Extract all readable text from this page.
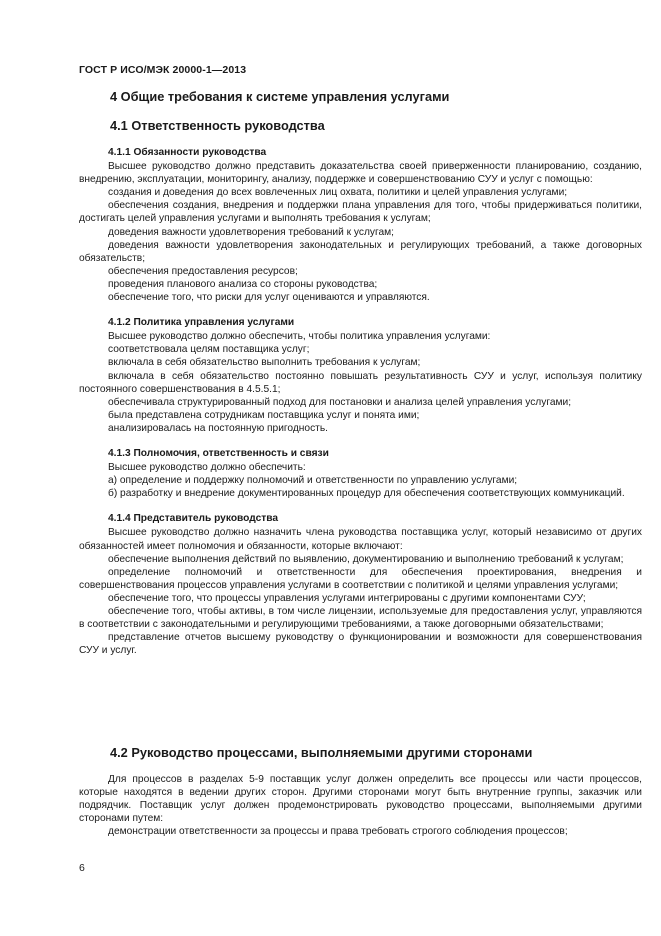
ГОСТ Р ИСО/МЭК 20000-1—2013
4 Общие требования к системе управления услугами
4.1 Ответственность руководства
4.1.1 Обязанности руководства
Высшее руководство должно представить доказательства своей приверженности планированию, созданию, внедрению, эксплуатации, мониторингу, анализу, поддержке и совершенствованию СУУ и услуг с помощью:
создания и доведения до всех вовлеченных лиц охвата, политики и целей управления услугами;
обеспечения создания, внедрения и поддержки плана управления для того, чтобы придерживаться политики, достигать целей управления услугами и выполнять требования к услугам;
доведения важности удовлетворения требований к услугам;
доведения важности удовлетворения законодательных и регулирующих требований, а также договорных обязательств;
обеспечения предоставления ресурсов;
проведения планового анализа со стороны руководства;
обеспечение того, что риски для услуг оцениваются и управляются.
4.1.2 Политика управления услугами
Высшее руководство должно обеспечить, чтобы политика управления услугами:
соответствовала целям поставщика услуг;
включала в себя обязательство выполнить требования к услугам;
включала в себя обязательство постоянно повышать результативность СУУ и услуг, используя политику постоянного совершенствования в 4.5.5.1;
обеспечивала структурированный подход для постановки и анализа целей управления услугами;
была представлена сотрудникам поставщика услуг и понята ими;
анализировалась на постоянную пригодность.
4.1.3 Полномочия, ответственность и связи
Высшее руководство должно обеспечить:
а) определение и поддержку полномочий и ответственности по управлению услугами;
б) разработку и внедрение документированных процедур для обеспечения соответствующих коммуникаций.
4.1.4 Представитель руководства
Высшее руководство должно назначить члена руководства поставщика услуг, который независимо от других обязанностей имеет полномочия и обязанности, которые включают:
обеспечение выполнения действий по выявлению, документированию и выполнению требований к услугам;
определение полномочий и ответственности для обеспечения проектирования, внедрения и совершенствования процессов управления услугами в соответствии с политикой и целями управления услугами;
обеспечение того, что процессы управления услугами интегрированы с другими компонентами СУУ;
обеспечение того, чтобы активы, в том числе лицензии, используемые для предоставления услуг, управляются в соответствии с законодательными и регулирующими требованиями, а также договорными обязательствами;
представление отчетов высшему руководству о функционировании и возможности для совершенствования СУУ и услуг.
4.2 Руководство процессами, выполняемыми другими сторонами
Для процессов в разделах 5-9 поставщик услуг должен определить все процессы или части процессов, которые находятся в ведении других сторон. Другими сторонами могут быть внутренние группы, заказчик или подрядчик. Поставщик услуг должен продемонстрировать руководство процессами, выполняемыми другими сторонами путем:
демонстрации ответственности за процессы и права требовать строгого соблюдения процессов;
6
